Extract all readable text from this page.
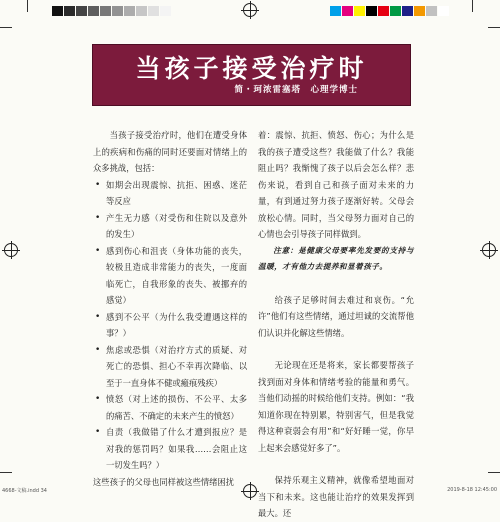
当孩子接受治疗时
简・珂浓雷塞塔　心理学博士

当孩子接受治疗时，他们在遭受身体上的疾病和伤痛的同时还要面对情绪上的众多挑战，包括：

• 如期会出现震惊、抗拒、困惑、迷茫等反应
• 产生无力感（对受伤和住院以及意外的发生）
• 感到伤心和沮丧（身体功能的丧失，较极且造成非常能力的丧失，一度面临死亡，自我形象的丧失、被挪弃的感觉）
• 感到不公平（为什么我受遭遇这样的事？）
• 焦虑或恐惧（对治疗方式的质疑、对死亡的恐惧、担心不幸再次降临、以至于一直身体不健或瘢痕残疾）
• 愤怒（对上述的损伤、不公平、太多的痛苦、不确定的未来产生的愤怒）
• 自责（我做错了什么才遭到报应？是对我的惩罚吗？如果我……会阻止这一切发生吗？）

这些孩子的父母也同样被这些情绪困扰

着：震惊、抗拒、愤怒、伤心；为什么是我的孩子遭受这些？我能做了什么？我能阻止吗？我惭愧了孩子以后会怎么样？悲伤来说，看到自己和孩子面对未来的力量，有到通过努力孩子逐渐好转。父母会放松心情。同时，当父母努力面对自己的心情也会引导孩子同样做到。

注意：是健康父母要率先发要的支持与温暖，才有他力去提养和显着孩子。

给孩子足够时间去难过和哀伤。“允许”他们有这些情绪，通过坦诚的交流帮他们认识并化解这些情绪。

无论现在还是将来，家长都要帮孩子找到面对身体和情绪考验的能量和勇气。当他们动摇的时候给他们支持。例如：“我知道你现在特别累，特别害气，但是我觉得这种衰弱会有用”和“好好睡一觉，你早上起来会感觉好多了”。

保持乐观主义精神，就像希望地面对当下和未来。这也能让治疗的效果发挥到最大。还

4668-文稿.indd 34	2019-8-18 12:45:00
